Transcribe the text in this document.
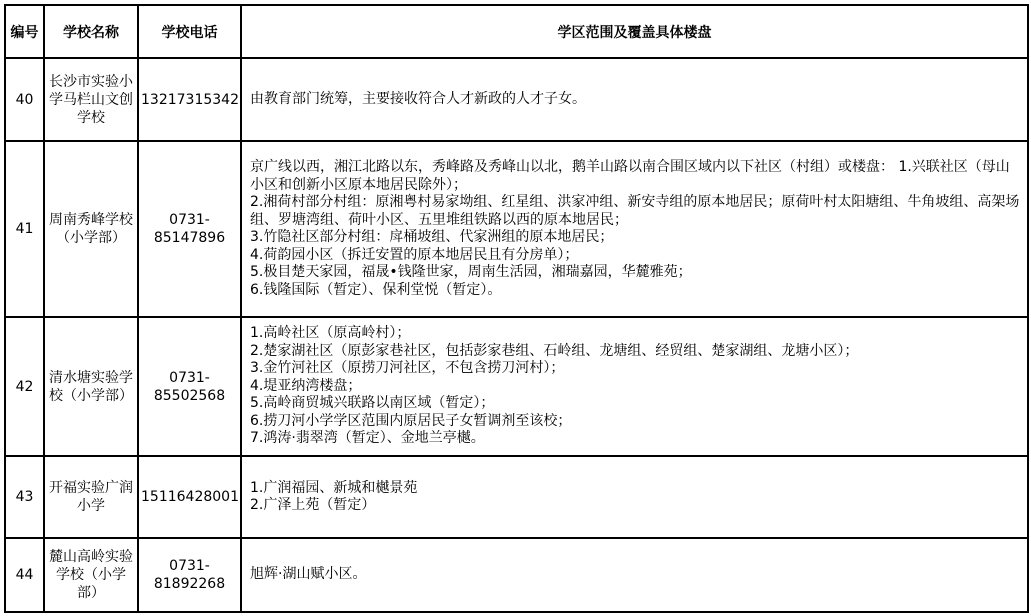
编号	学校名称	学校电话	学区范围及覆盖具体楼盘
40	长沙市实验小学马栏山文创学校	13217315342	由教育部门统筹，主要接收符合人才新政的人才子女。

41	周南秀峰学校（小学部）	0731-85147896	
京广线以西，湘江北路以东，秀峰路及秀峰山以北，鹅羊山路以南合围区域内以下社区（村组）或楼盘： 1.兴联社区（母山小区和创新小区原本地居民除外）；
2.湘荷村部分村组：原湘粤村易家坳组、红星组、洪家冲组、新安寺组的原本地居民；原荷叶村太阳塘组、牛角坡组、高架场组、罗塘湾组、荷叶小区、五里堆组铁路以西的原本地居民；
3.竹隐社区部分村组：戽桶坡组、代家洲组的原本地居民；
4.荷韵园小区（拆迁安置的原本地居民且有分房单）；
5.极目楚天家园，福晟•钱隆世家，周南生活园，湘瑞嘉园，华麓雅苑；
6.钱隆国际（暂定）、保利堂悦（暂定）。

42	清水塘实验学校（小学部）	0731-85502568	
1.高岭社区（原高岭村）；
2.楚家湖社区（原彭家巷社区，包括彭家巷组、石岭组、龙塘组、经贸组、楚家湖组、龙塘小区）；
3.金竹河社区（原捞刀河社区，不包含捞刀河村）；
4.堤亚纳湾楼盘；
5.高岭商贸城兴联路以南区域（暂定）；
6.捞刀河小学学区范围内原居民子女暂调剂至该校；
7.鸿涛·翡翠湾（暂定）、金地兰亭樾。

43	开福实验广润小学	15116428001	1.广润福园、新城和樾景苑
2.广泽上苑（暂定）

44	麓山高岭实验学校（小学部）	0731-81892268	旭辉·湖山赋小区。
